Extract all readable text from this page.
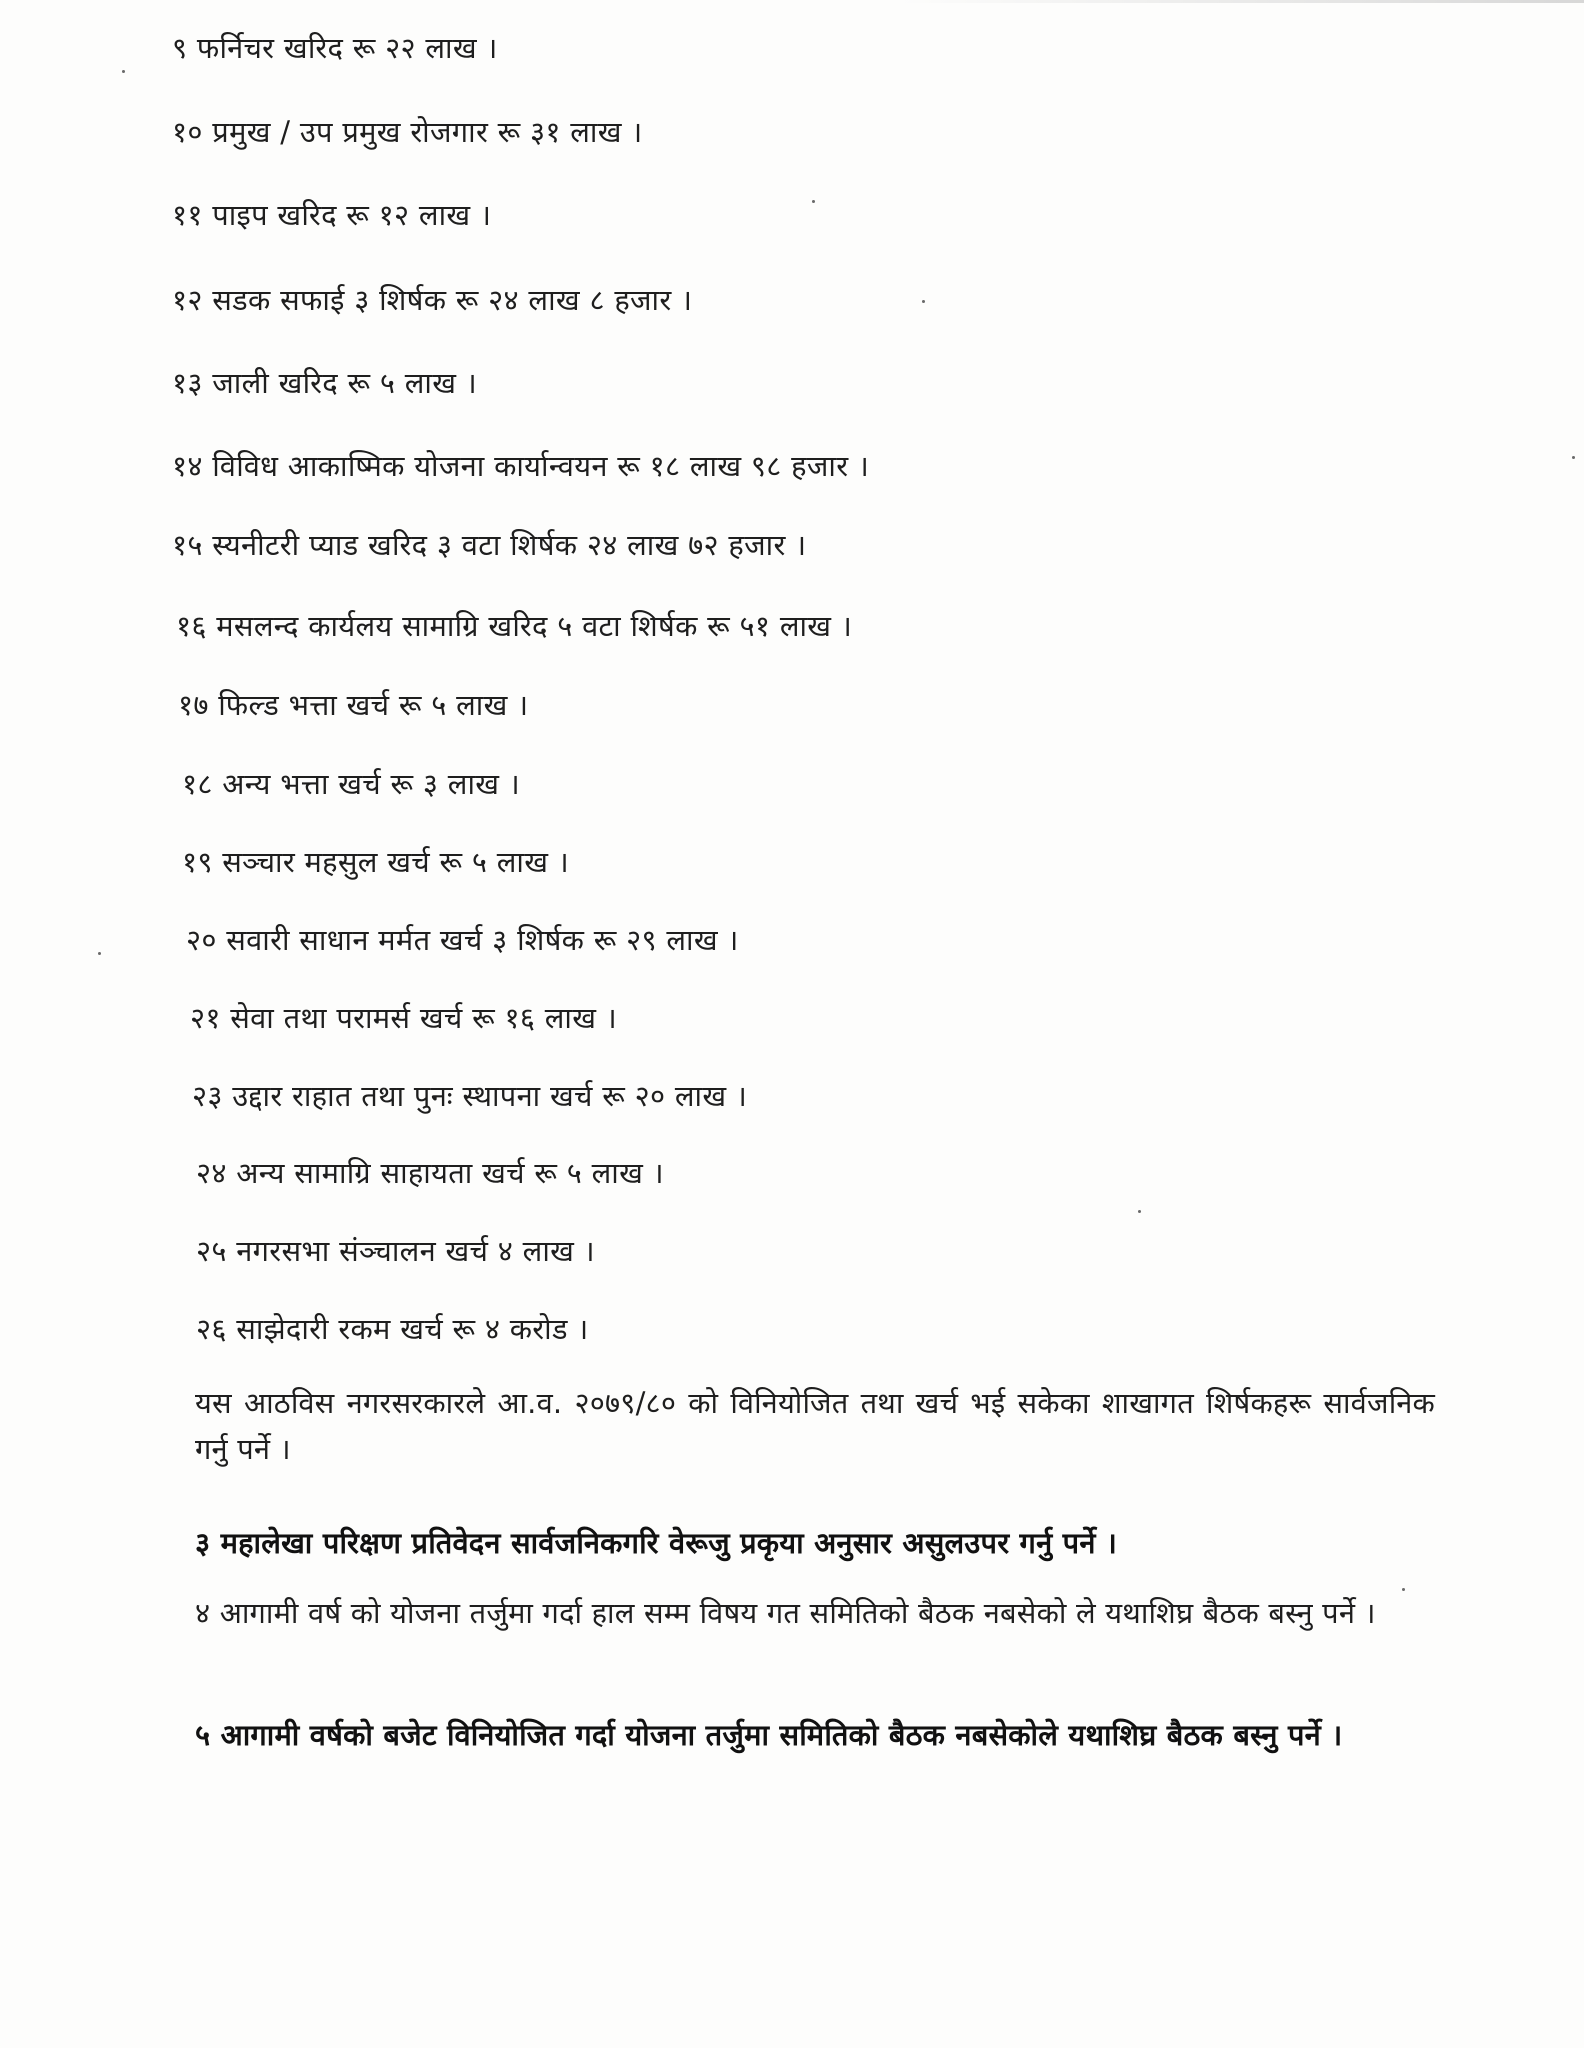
९ फर्निचर खरिद रू २२ लाख ।
१० प्रमुख / उप प्रमुख रोजगार रू ३१ लाख ।
११ पाइप खरिद रू १२ लाख ।
१२ सडक सफाई ३ शिर्षक रू २४ लाख ८ हजार ।
१३ जाली खरिद रू ५ लाख ।
१४ विविध आकाष्मिक योजना कार्यान्वयन रू १८ लाख ९८ हजार ।
१५ स्यनीटरी प्याड खरिद ३ वटा शिर्षक २४ लाख ७२ हजार ।
१६ मसलन्द कार्यलय सामाग्रि खरिद ५ वटा शिर्षक रू ५१ लाख ।
१७ फिल्ड भत्ता खर्च रू ५ लाख ।
१८ अन्य भत्ता खर्च रू ३ लाख ।
१९ सञ्चार महसुल खर्च रू ५ लाख ।
२० सवारी साधान मर्मत खर्च ३ शिर्षक रू २९ लाख ।
२१ सेवा तथा परामर्स खर्च रू १६ लाख ।
२३ उद्दार राहात तथा पुनः स्थापना खर्च रू २० लाख ।
२४ अन्य सामाग्रि साहायता खर्च रू ५ लाख ।
२५ नगरसभा संञ्चालन खर्च ४ लाख ।
२६ साझेदारी रकम खर्च रू ४ करोड ।
यस आठविस नगरसरकारले आ.व. २०७९/८० को विनियोजित तथा खर्च भई सकेका शाखागत शिर्षकहरू सार्वजनिक गर्नु पर्ने ।
३ महालेखा परिक्षण प्रतिवेदन सार्वजनिकगरि वेरूजु प्रकृया अनुसार असुलउपर गर्नु पर्ने ।
४ आगामी वर्ष को योजना तर्जुमा गर्दा हाल सम्म विषय गत समितिको बैठक नबसेको ले यथाशिघ्र बैठक बस्नु पर्ने ।
५ आगामी वर्षको बजेट विनियोजित गर्दा योजना तर्जुमा समितिको बैठक नबसेकोले यथाशिघ्र बैठक बस्नु पर्ने ।
